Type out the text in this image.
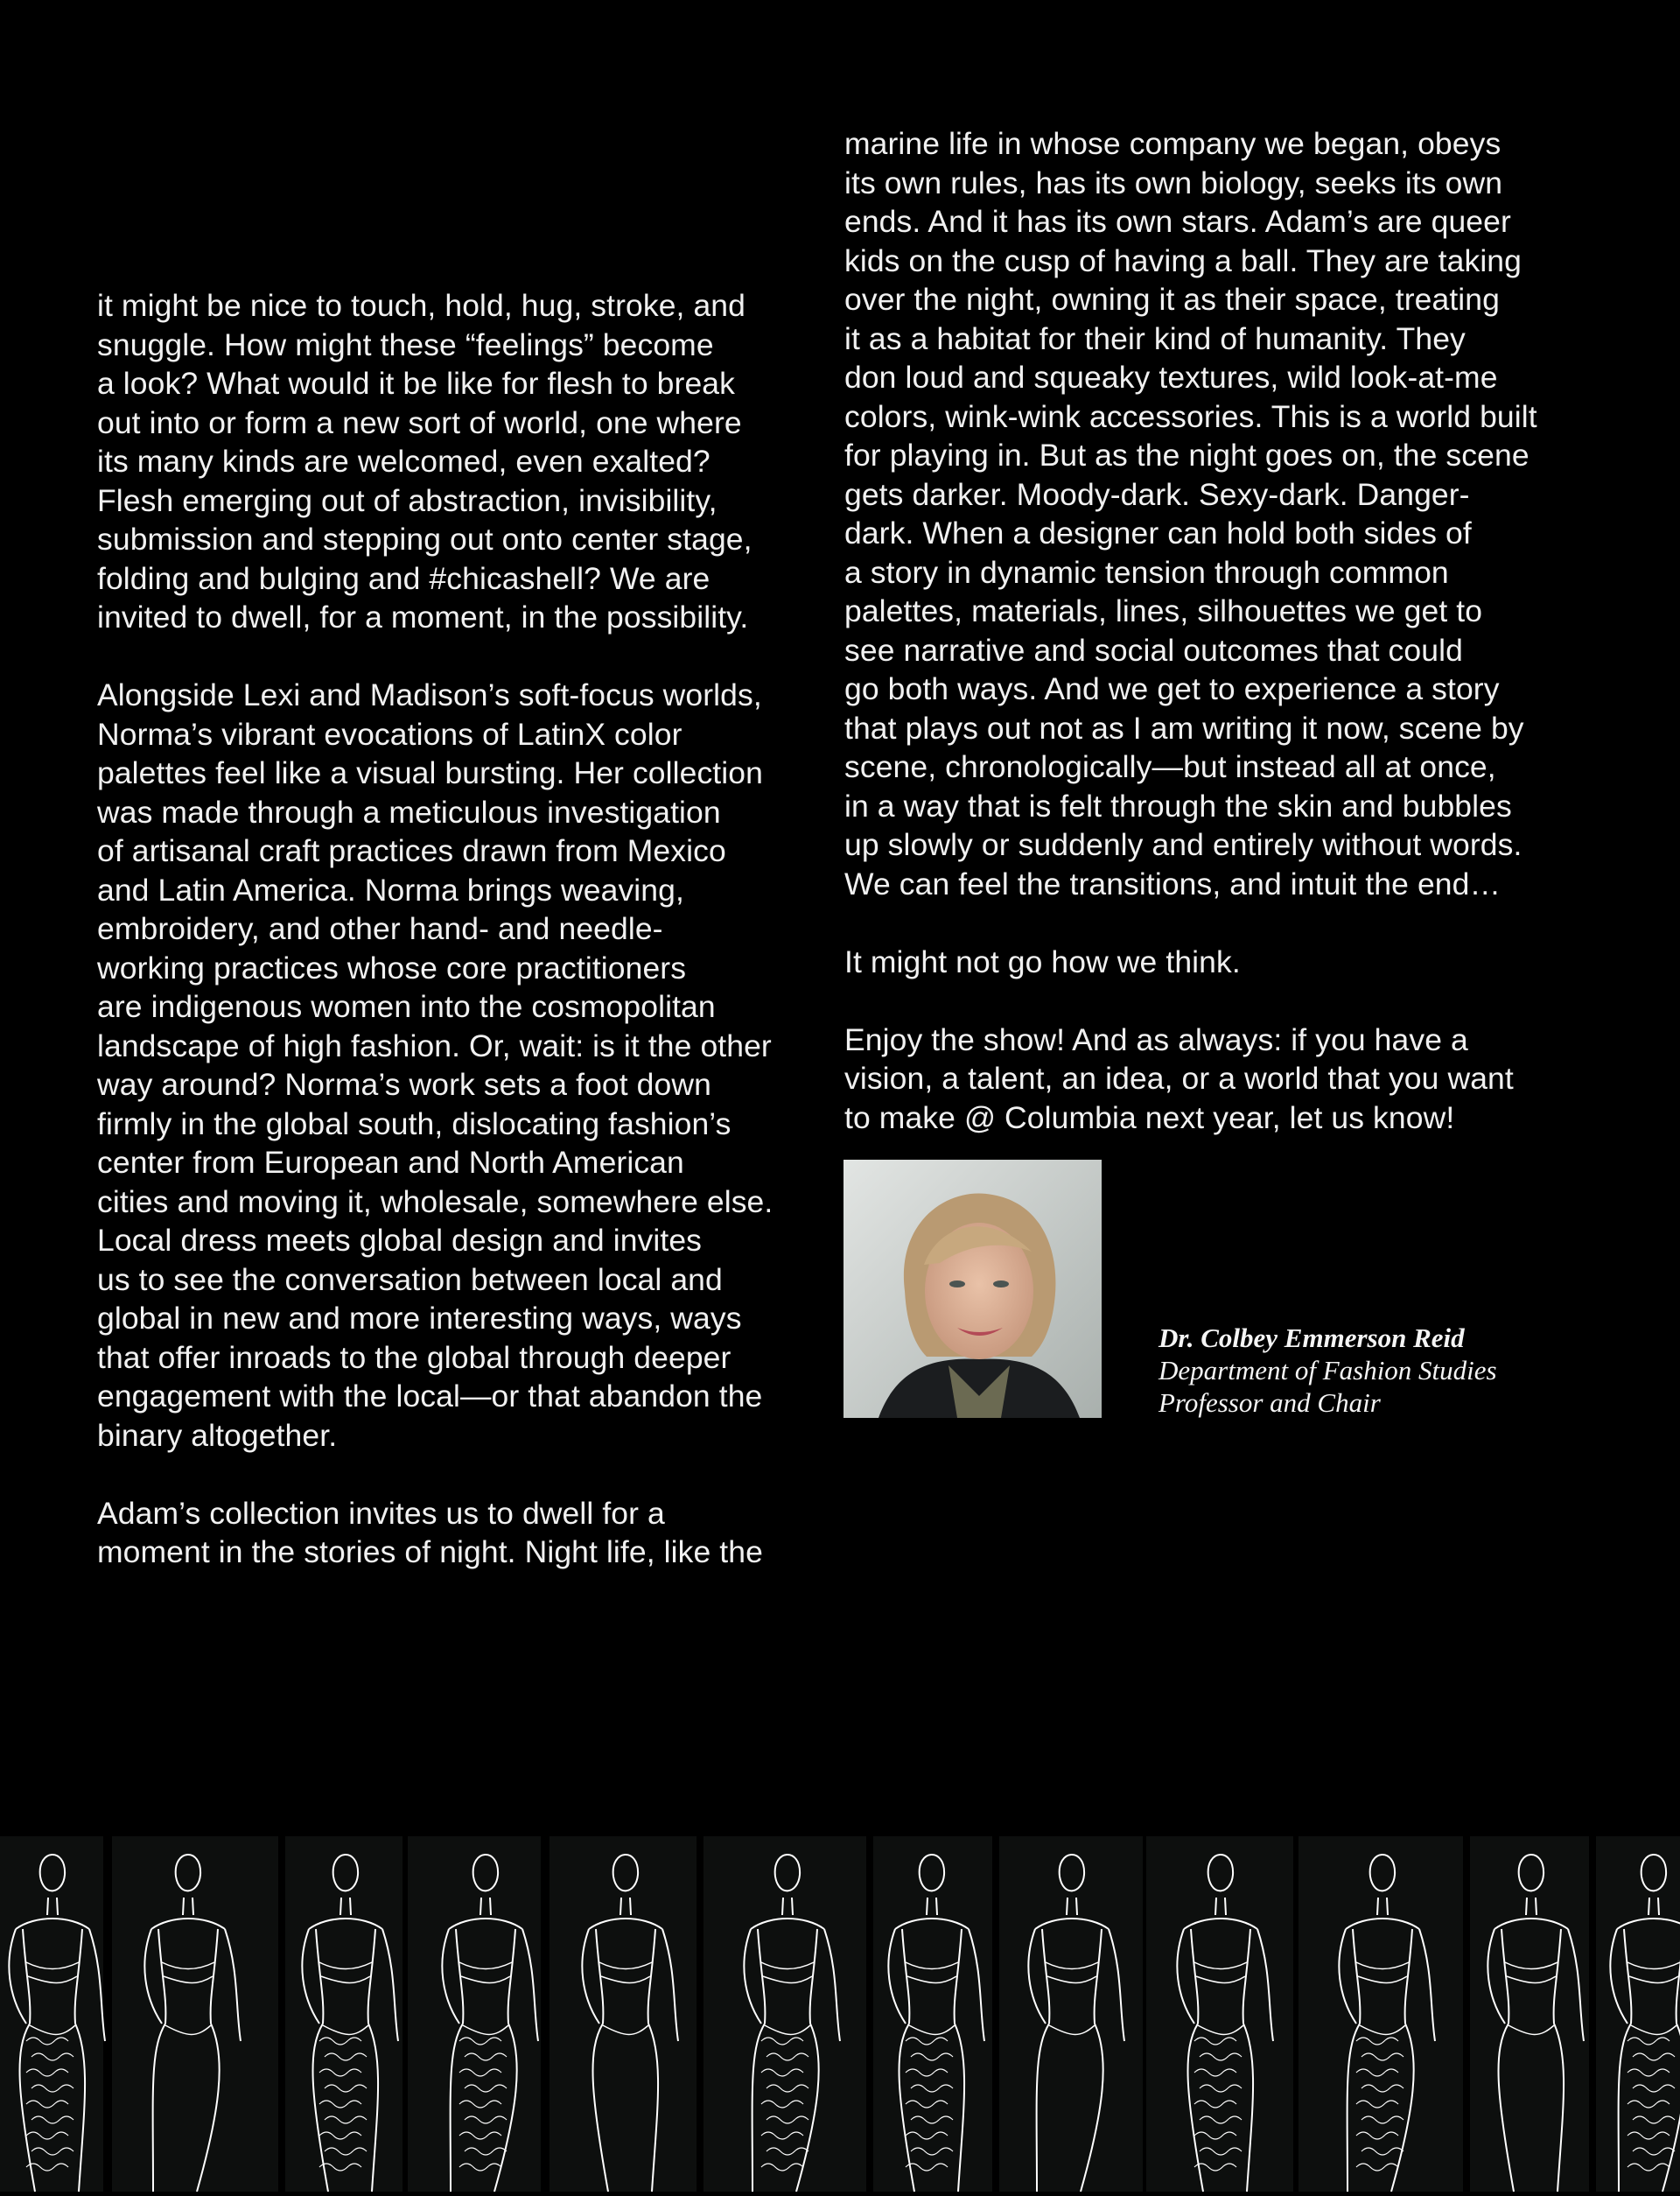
it might be nice to touch, hold, hug, stroke, and
snuggle. How might these “feelings” become
a look? What would it be like for flesh to break
out into or form a new sort of world, one where
its many kinds are welcomed, even exalted?
Flesh emerging out of abstraction, invisibility,
submission and stepping out onto center stage,
folding and bulging and #chicashell? We are
invited to dwell, for a moment, in the possibility.
Alongside Lexi and Madison’s soft-focus worlds,
Norma’s vibrant evocations of LatinX color
palettes feel like a visual bursting. Her collection
was made through a meticulous investigation
of artisanal craft practices drawn from Mexico
and Latin America. Norma brings weaving,
embroidery, and other hand- and needle-
working practices whose core practitioners
are indigenous women into the cosmopolitan
landscape of high fashion. Or, wait: is it the other
way around? Norma’s work sets a foot down
firmly in the global south, dislocating fashion’s
center from European and North American
cities and moving it, wholesale, somewhere else.
Local dress meets global design and invites
us to see the conversation between local and
global in new and more interesting ways, ways
that offer inroads to the global through deeper
engagement with the local—or that abandon the
binary altogether.
Adam’s collection invites us to dwell for a
moment in the stories of night. Night life, like the
marine life in whose company we began, obeys
its own rules, has its own biology, seeks its own
ends. And it has its own stars. Adam’s are queer
kids on the cusp of having a ball. They are taking
over the night, owning it as their space, treating
it as a habitat for their kind of humanity. They
don loud and squeaky textures, wild look-at-me
colors, wink-wink accessories. This is a world built
for playing in. But as the night goes on, the scene
gets darker. Moody-dark. Sexy-dark. Danger-
dark. When a designer can hold both sides of
a story in dynamic tension through common
palettes, materials, lines, silhouettes we get to
see narrative and social outcomes that could
go both ways. And we get to experience a story
that plays out not as I am writing it now, scene by
scene, chronologically—but instead all at once,
in a way that is felt through the skin and bubbles
up slowly or suddenly and entirely without words.
We can feel the transitions, and intuit the end…
It might not go how we think.
Enjoy the show! And as always: if you have a
vision, a talent, an idea, or a world that you want
to make @ Columbia next year, let us know!
Dr. Colbey Emmerson Reid
Department of Fashion Studies
Professor and Chair
